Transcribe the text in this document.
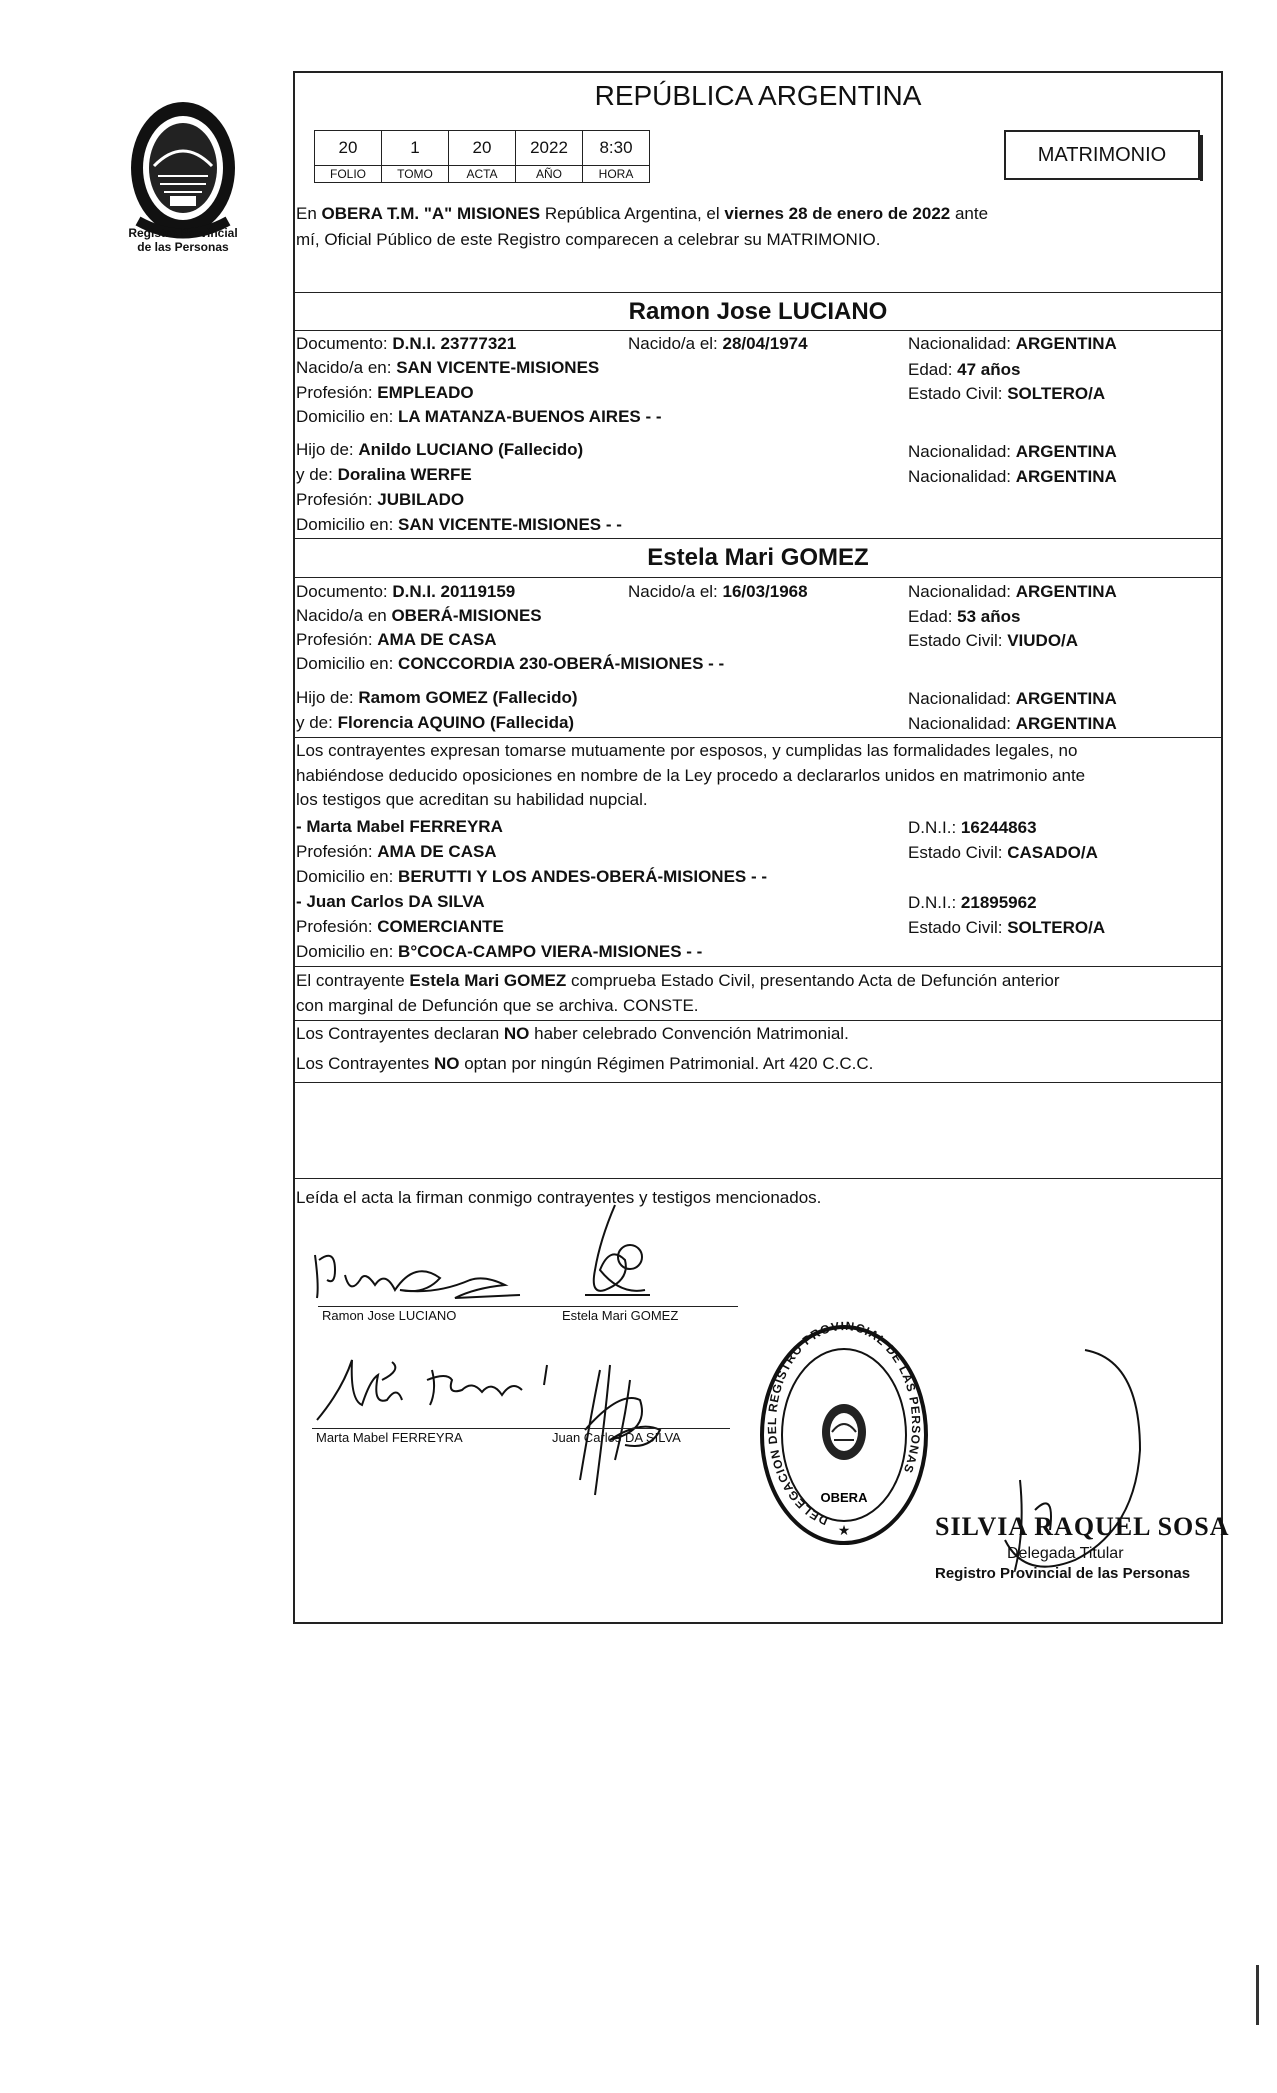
Registro Provincial
de las Personas
REPÚBLICA ARGENTINA
20	1	20	2022	8:30
FOLIO	TOMO	ACTA	AÑO	HORA
MATRIMONIO
En OBERA T.M. "A" MISIONES República Argentina, el viernes 28 de enero de 2022 ante
mí, Oficial Público de este Registro comparecen a celebrar su MATRIMONIO.
Ramon Jose LUCIANO
Documento: D.N.I. 23777321	Nacido/a el: 28/04/1974	Nacionalidad: ARGENTINA
Nacido/a en: SAN VICENTE-MISIONES	Edad: 47 años
Profesión: EMPLEADO	Estado Civil: SOLTERO/A
Domicilio en: LA MATANZA-BUENOS AIRES - -
Hijo de: Anildo LUCIANO (Fallecido)	Nacionalidad: ARGENTINA
y de: Doralina WERFE	Nacionalidad: ARGENTINA
Profesión: JUBILADO
Domicilio en: SAN VICENTE-MISIONES - -
Estela Mari GOMEZ
Documento: D.N.I. 20119159	Nacido/a el: 16/03/1968	Nacionalidad: ARGENTINA
Nacido/a en OBERÁ-MISIONES	Edad: 53 años
Profesión: AMA DE CASA	Estado Civil: VIUDO/A
Domicilio en: CONCCORDIA 230-OBERÁ-MISIONES - -
Hijo de: Ramom GOMEZ (Fallecido)	Nacionalidad: ARGENTINA
y de: Florencia AQUINO (Fallecida)	Nacionalidad: ARGENTINA
Los contrayentes expresan tomarse mutuamente por esposos, y cumplidas las formalidades legales, no
habiéndose deducido oposiciones en nombre de la Ley procedo a declararlos unidos en matrimonio ante
los testigos que acreditan su habilidad nupcial.
- Marta Mabel FERREYRA	D.N.I.: 16244863
Profesión: AMA DE CASA	Estado Civil: CASADO/A
Domicilio en: BERUTTI Y LOS ANDES-OBERÁ-MISIONES - -
- Juan Carlos DA SILVA	D.N.I.: 21895962
Profesión: COMERCIANTE	Estado Civil: SOLTERO/A
Domicilio en: B°COCA-CAMPO VIERA-MISIONES - -
El contrayente Estela Mari GOMEZ comprueba Estado Civil, presentando Acta de Defunción anterior
con marginal de Defunción que se archiva. CONSTE.
Los Contrayentes declaran NO haber celebrado Convención Matrimonial.
Los Contrayentes NO optan por ningún Régimen Patrimonial. Art 420 C.C.C.
Leída el acta la firman conmigo contrayentes y testigos mencionados.
Ramon Jose LUCIANO	Estela Mari GOMEZ
Marta Mabel FERREYRA	Juan Carlos DA SILVA
DELEGACION DEL REGISTRO PROVINCIAL DE LAS PERSONAS
OBERA
★	SILVIA RAQUEL SOSA
Delegada Titular
Registro Provincial de las Personas
